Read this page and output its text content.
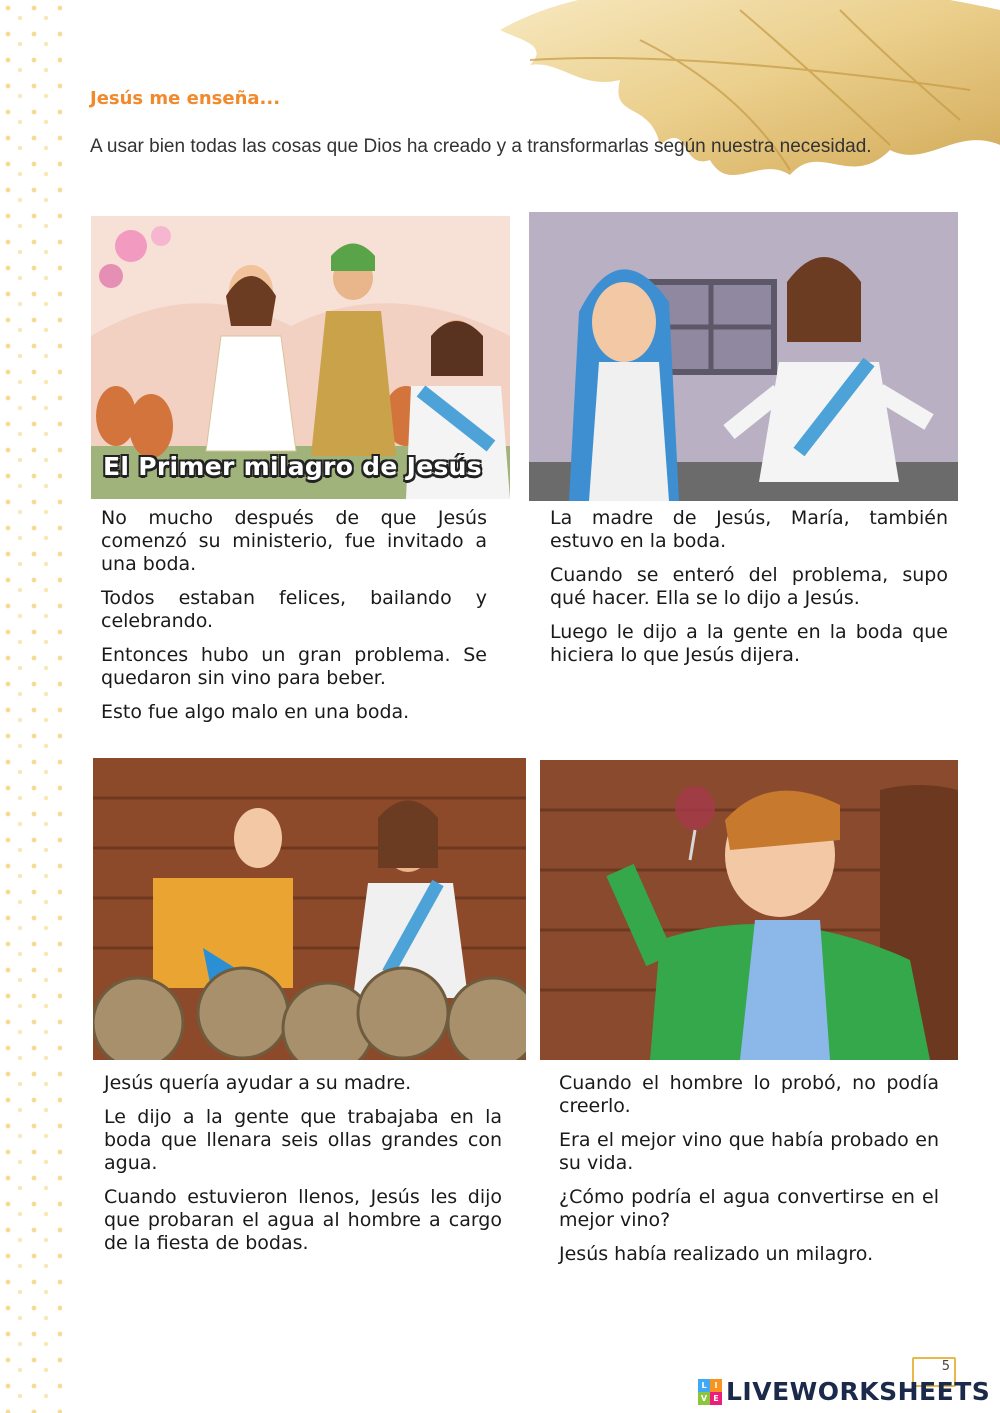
Jesús me enseña...

A usar bien todas las cosas que Dios ha creado y a transformarlas según nuestra necesidad.

El Primer milagro de Jesús

No mucho después de que Jesús comenzó su ministerio, fue invitado a una boda.

Todos estaban felices, bailando y celebrando.

Entonces hubo un gran problema. Se quedaron sin vino para beber.

Esto fue algo malo en una boda.

La madre de Jesús, María, también estuvo en la boda.

Cuando se enteró del problema, supo qué hacer. Ella se lo dijo a Jesús.

Luego le dijo a la gente en la boda que hiciera lo que Jesús dijera.

Jesús quería ayudar a su madre.

Le dijo a la gente que trabajaba en la boda que llenara seis ollas grandes con agua.

Cuando estuvieron llenos, Jesús les dijo que probaran el agua al hombre a cargo de la fiesta de bodas.

Cuando el hombre lo probó, no podía creerlo.

Era el mejor vino que había probado en su vida.

¿Cómo podría el agua convertirse en el mejor vino?

Jesús había realizado un milagro.

5
L I
V E LIVEWORKSHEETS
